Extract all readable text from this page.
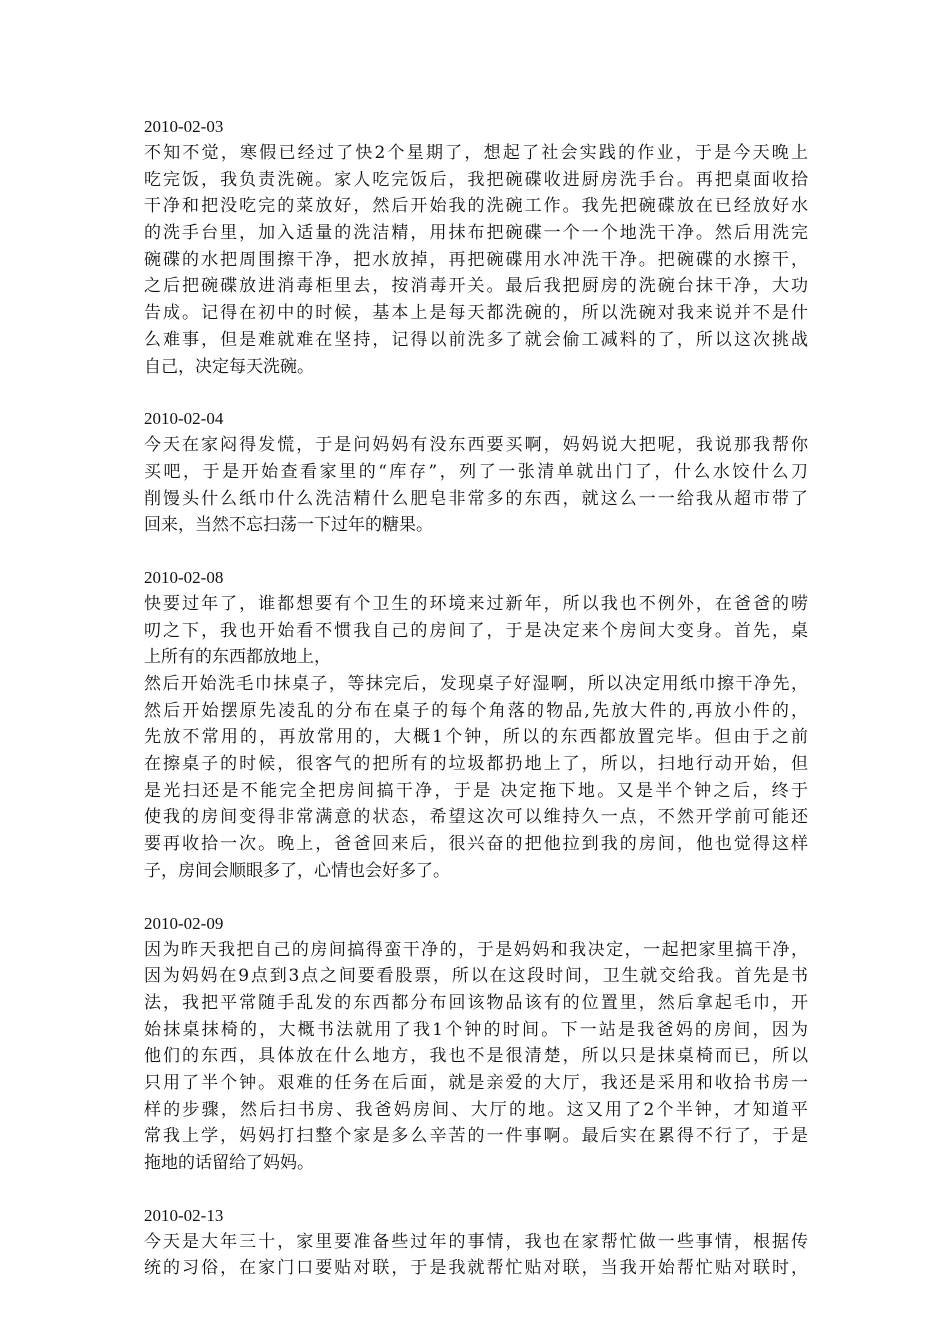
2010-02-03
不知不觉，寒假已经过了快2个星期了，想起了社会实践的作业，于是今天晚上
吃完饭，我负责洗碗。家人吃完饭后，我把碗碟收进厨房洗手台。再把桌面收拾
干净和把没吃完的菜放好，然后开始我的洗碗工作。我先把碗碟放在已经放好水
的洗手台里，加入适量的洗洁精，用抹布把碗碟一个一个地洗干净。然后用洗完
碗碟的水把周围擦干净，把水放掉，再把碗碟用水冲洗干净。把碗碟的水擦干，
之后把碗碟放进消毒柜里去，按消毒开关。最后我把厨房的洗碗台抹干净，大功
告成。记得在初中的时候，基本上是每天都洗碗的，所以洗碗对我来说并不是什
么难事，但是难就难在坚持，记得以前洗多了就会偷工减料的了，所以这次挑战
自己，决定每天洗碗。
2010-02-04
今天在家闷得发慌，于是问妈妈有没东西要买啊，妈妈说大把呢，我说那我帮你
买吧，于是开始查看家里的“库存”，列了一张清单就出门了，什么水饺什么刀
削馒头什么纸巾什么洗洁精什么肥皂非常多的东西，就这么一一给我从超市带了
回来，当然不忘扫荡一下过年的糖果。
2010-02-08
快要过年了，谁都想要有个卫生的环境来过新年，所以我也不例外，在爸爸的唠
叨之下，我也开始看不惯我自己的房间了，于是决定来个房间大变身。首先，桌
上所有的东西都放地上，
然后开始洗毛巾抹桌子，等抹完后，发现桌子好湿啊，所以决定用纸巾擦干净先，
然后开始摆原先凌乱的分布在桌子的每个角落的物品,先放大件的,再放小件的，
先放不常用的，再放常用的，大概1个钟，所以的东西都放置完毕。但由于之前
在擦桌子的时候，很客气的把所有的垃圾都扔地上了，所以，扫地行动开始，但
是光扫还是不能完全把房间搞干净，于是 决定拖下地。又是半个钟之后，终于
使我的房间变得非常满意的状态，希望这次可以维持久一点，不然开学前可能还
要再收拾一次。晚上，爸爸回来后，很兴奋的把他拉到我的房间，他也觉得这样
子，房间会顺眼多了，心情也会好多了。
2010-02-09
因为昨天我把自己的房间搞得蛮干净的，于是妈妈和我决定，一起把家里搞干净，
因为妈妈在9点到3点之间要看股票，所以在这段时间，卫生就交给我。首先是书
法，我把平常随手乱发的东西都分布回该物品该有的位置里，然后拿起毛巾，开
始抹桌抹椅的，大概书法就用了我1个钟的时间。下一站是我爸妈的房间，因为
他们的东西，具体放在什么地方，我也不是很清楚，所以只是抹桌椅而已，所以
只用了半个钟。艰难的任务在后面，就是亲爱的大厅，我还是采用和收拾书房一
样的步骤，然后扫书房、我爸妈房间、大厅的地。这又用了2个半钟，才知道平
常我上学，妈妈打扫整个家是多么辛苦的一件事啊。最后实在累得不行了，于是
拖地的话留给了妈妈。
2010-02-13
今天是大年三十，家里要准备些过年的事情，我也在家帮忙做一些事情，根据传
统的习俗，在家门口要贴对联，于是我就帮忙贴对联，当我开始帮忙贴对联时，
